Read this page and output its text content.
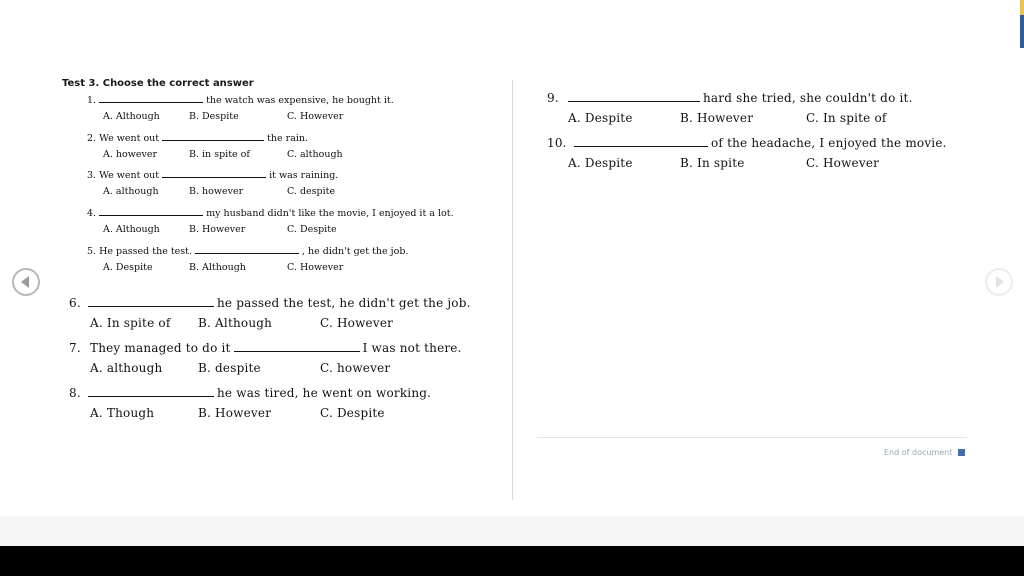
Test 3. Choose the correct answer
1.	the watch was expensive, he bought it.
A. Although	B. Despite	C. However
2.
We went out	the rain.
A. however	B. in spite of	C. although
3.
We went out	it was raining.
A. although	B. however	C. despite
4.	my husband didn't like the movie, I enjoyed it a lot.
A. Although	B. However	C. Despite
5.
He passed the test.	, he didn't get the job.
A. Despite	B. Although	C. However
6.	he passed the test, he didn't get the job.
A. In spite of	B. Although	C. However
7. They managed to do it	I was not there.
A. although	B. despite	C. however
8.	he was tired, he went on working.
A. Though	B. However	C. Despite
9.	hard she tried, she couldn't do it.
A. Despite	B. However	C. In spite of
10.	of the headache, I enjoyed the movie.
A. Despite	B. In spite	C. However
End of document
